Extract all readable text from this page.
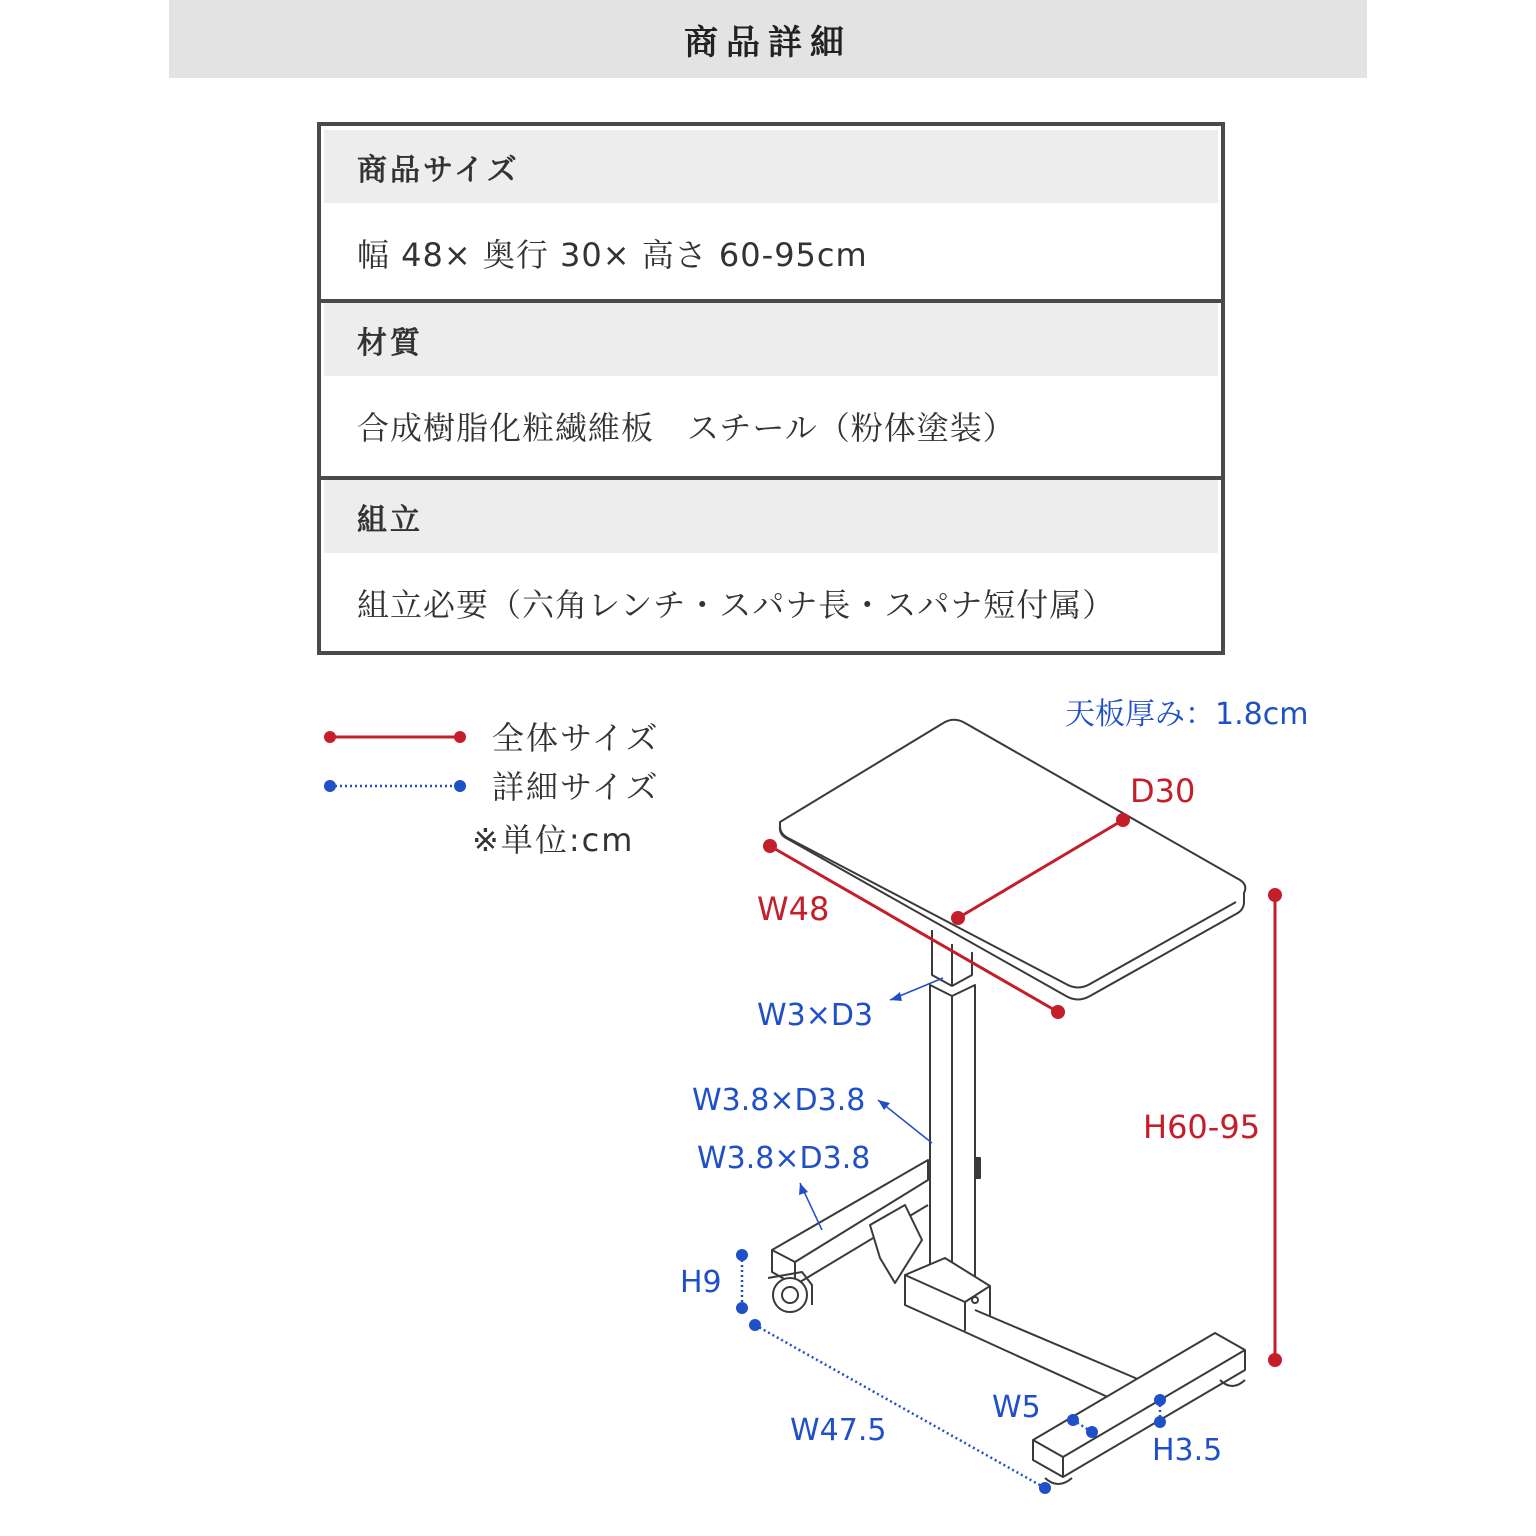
商品詳細
商品サイズ
幅 48× 奥行 30× 高さ 60-95cm
材質
合成樹脂化粧繊維板　スチール（粉体塗装）
組立
組立必要（六角レンチ・スパナ長・スパナ短付属）
全体サイズ
詳細サイズ
※単位:cm
W48
D30
H60-95
天板厚み：1.8cm
W3×D3
W3.8×D3.8
W3.8×D3.8
H9
W47.5
W5
H3.5
